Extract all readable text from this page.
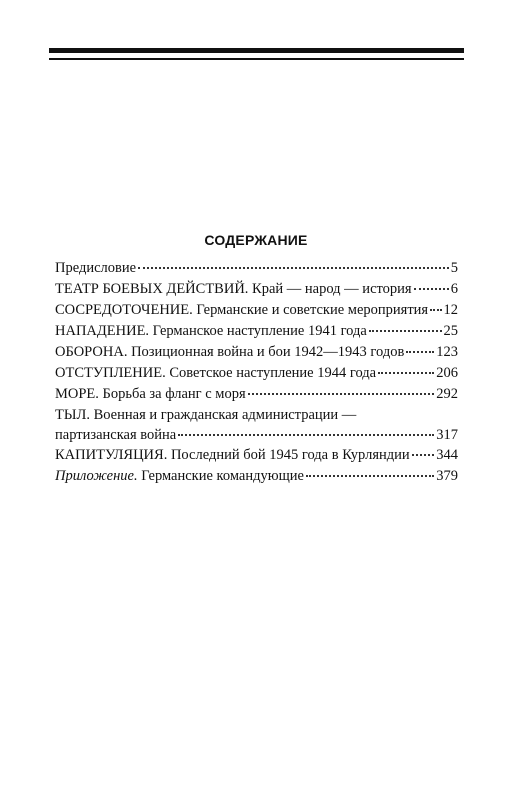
СОДЕРЖАНИЕ
Предисловие	5
ТЕАТР БОЕВЫХ ДЕЙСТВИЙ. Край — народ — история	6
СОСРЕДОТОЧЕНИЕ. Германские и советские мероприятия 12
НАПАДЕНИЕ. Германское наступление 1941 года	25
ОБОРОНА. Позиционная война и бои 1942—1943 годов 123
ОТСТУПЛЕНИЕ. Советское наступление 1944 года	206
МОРЕ. Борьба за фланг с моря	292
ТЫЛ. Военная и гражданская администрации —
партизанская война	317
КАПИТУЛЯЦИЯ. Последний бой 1945 года в Курляндии 344
Приложение. Германские командующие	379
